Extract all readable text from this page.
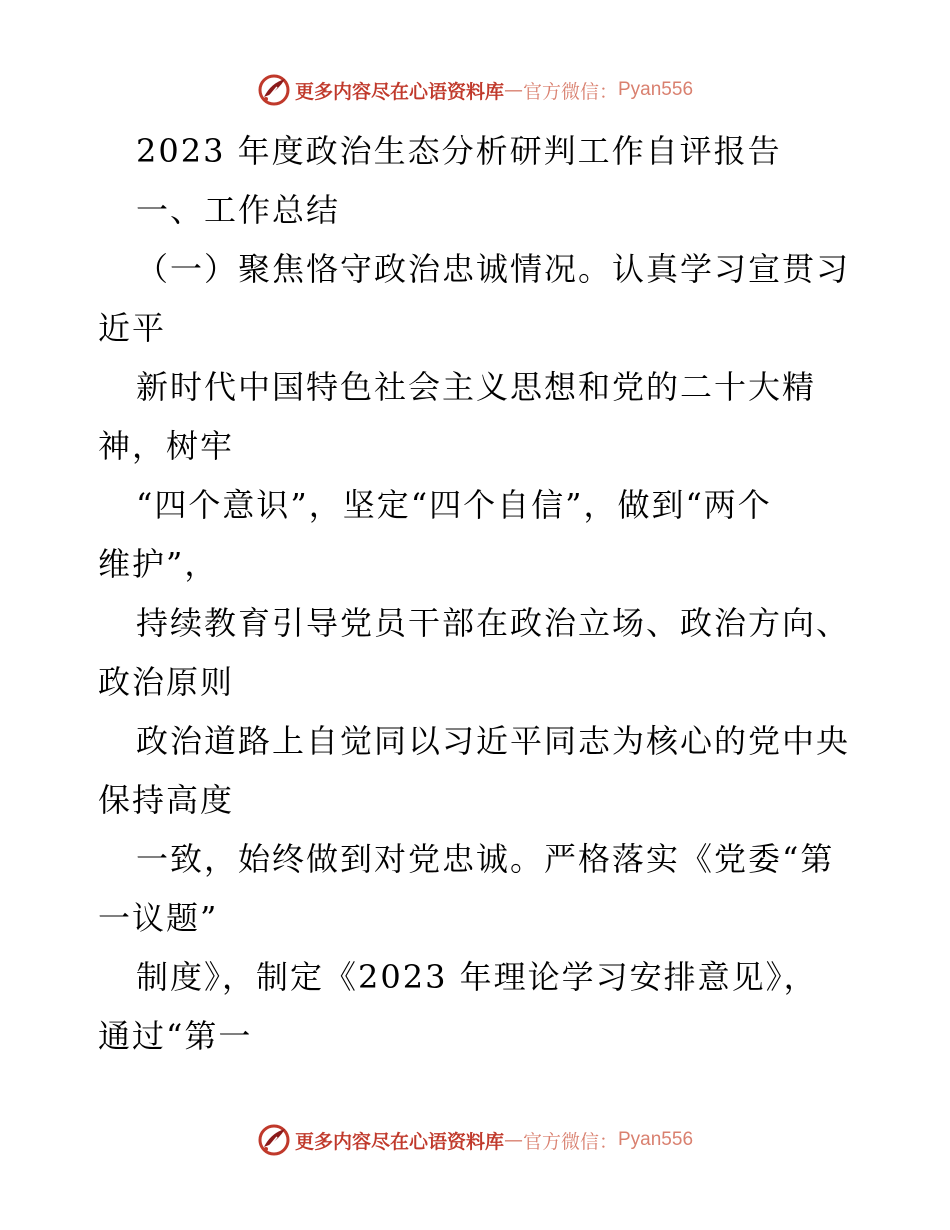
更多内容尽在心语资料库 — 官方微信： Pyan556
2023 年度政治生态分析研判工作自评报告
一、工作总结
（一）聚焦恪守政治忠诚情况。认真学习宣贯习
近平
新时代中国特色社会主义思想和党的二十大精
神，树牢
“四个意识”，坚定“四个自信”，做到“两个
维护”，
持续教育引导党员干部在政治立场、政治方向、
政治原则
政治道路上自觉同以习近平同志为核心的党中央
保持高度
一致，始终做到对党忠诚。严格落实《党委“第
一议题”
制度》，制定《2023 年理论学习安排意见》，
通过“第一
更多内容尽在心语资料库 — 官方微信： Pyan556
